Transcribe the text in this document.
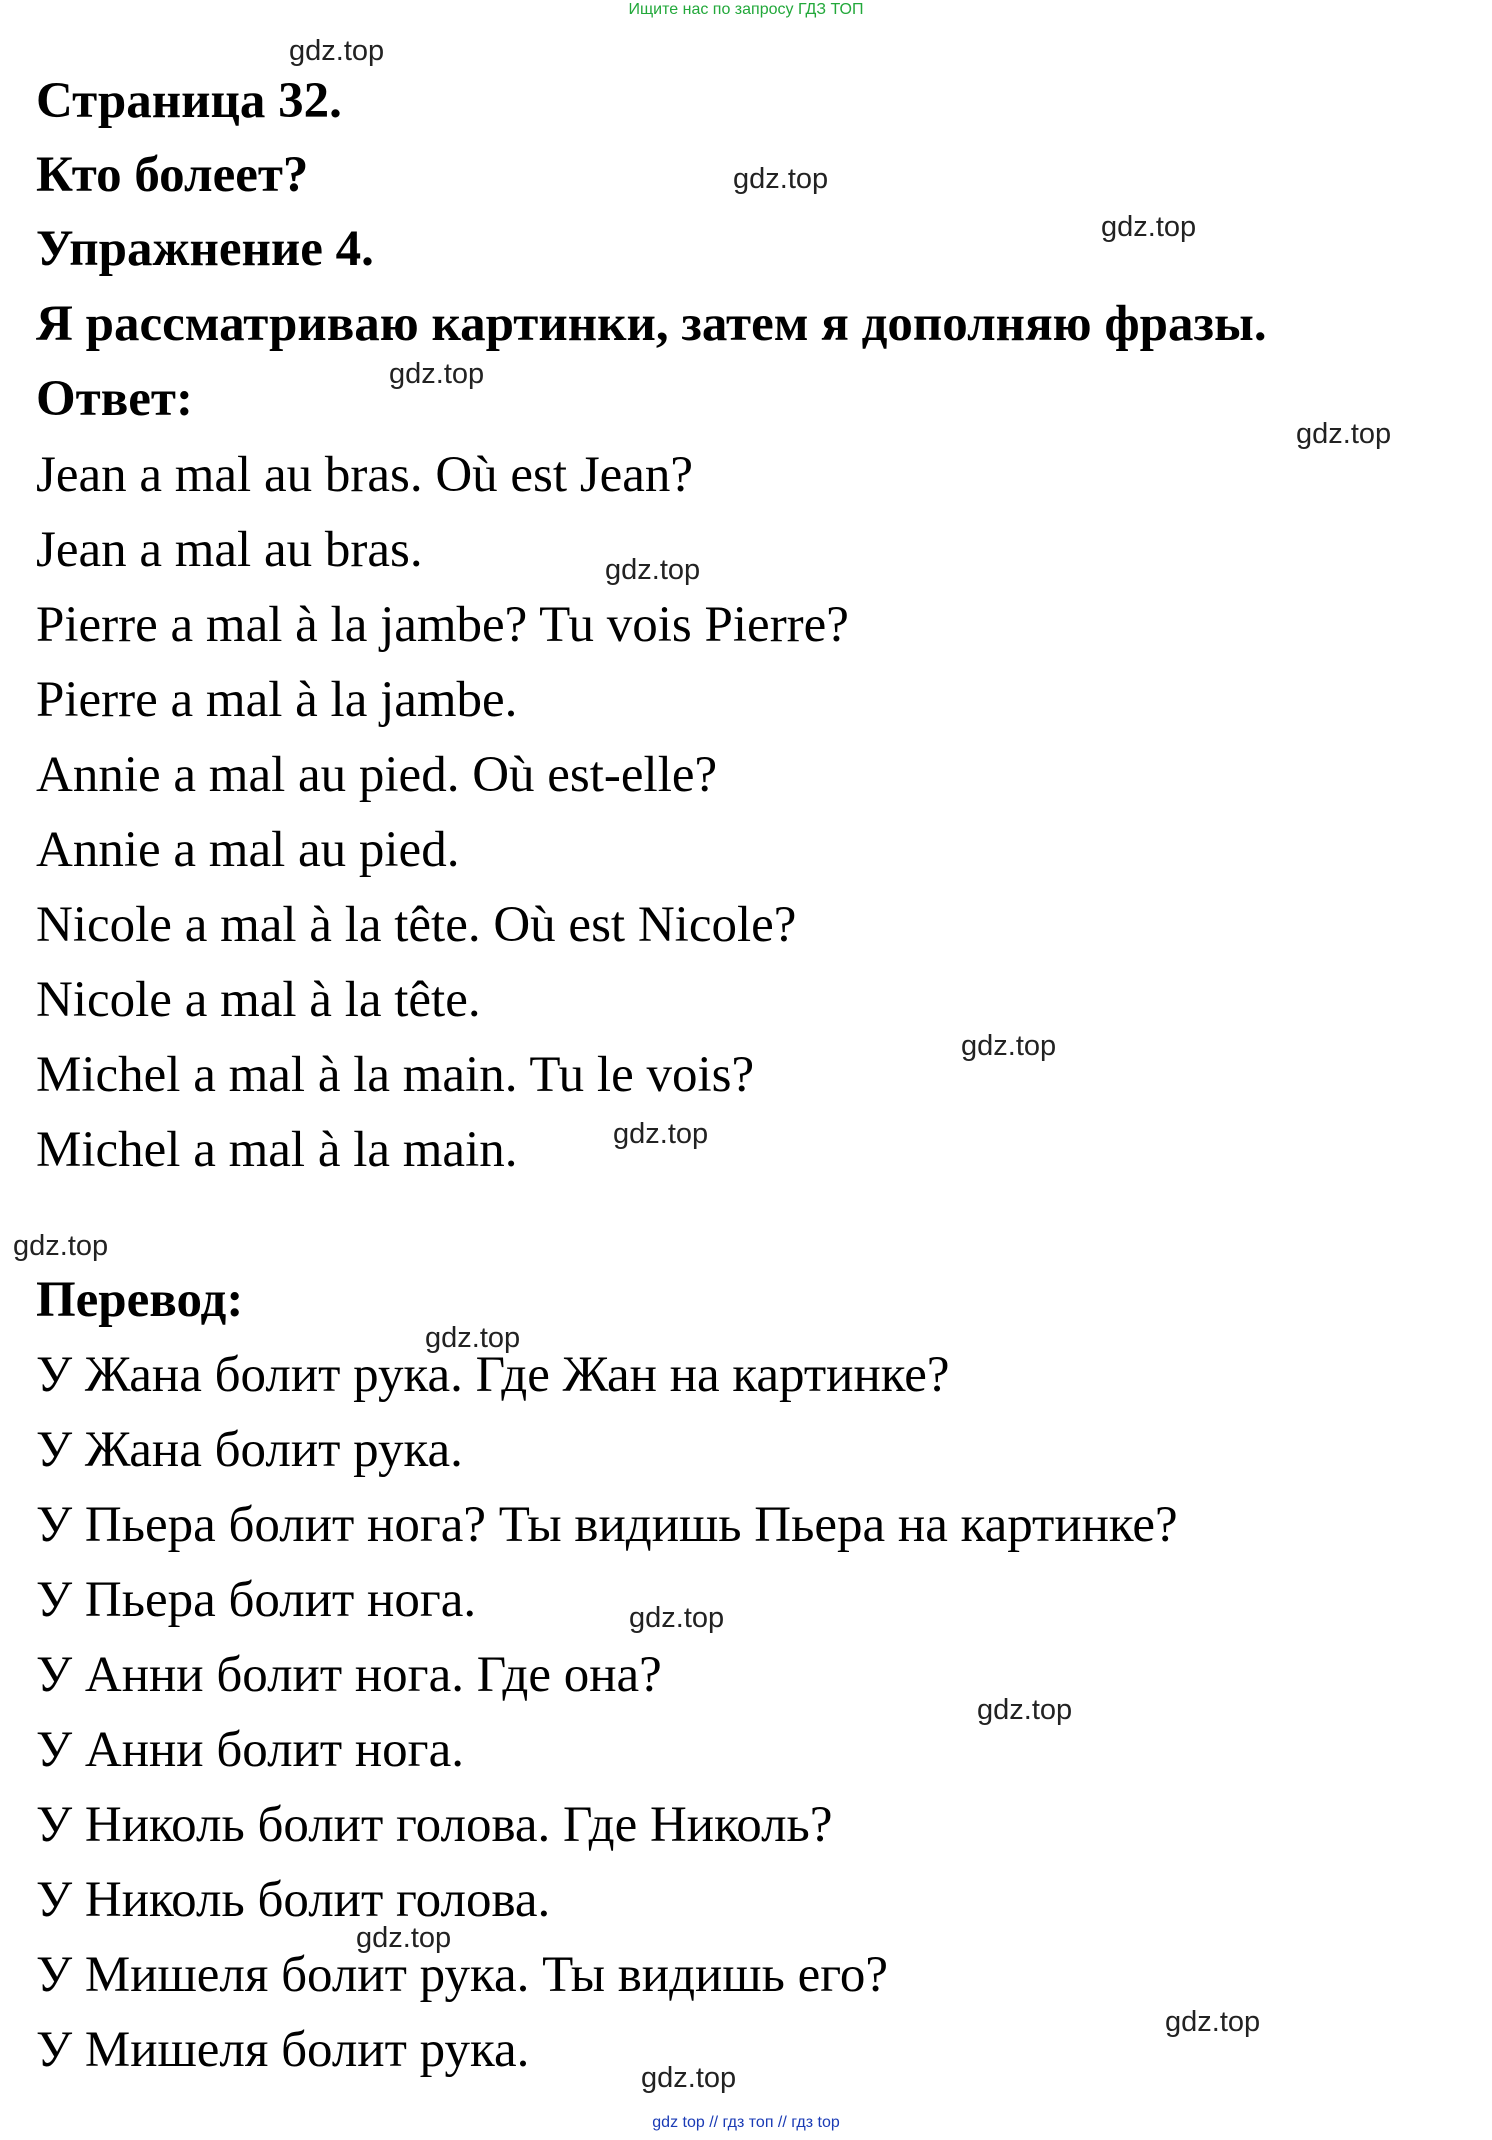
Ищите нас по запросу ГДЗ ТОП
Страница 32.
Кто болеет?
Упражнение 4.
Я рассматриваю картинки, затем я дополняю фразы.
Ответ:
Jean a mal au bras. Où est Jean?
Jean a mal au bras.
Pierre a mal à la jambe? Tu vois Pierre?
Pierre a mal à la jambe.
Annie a mal au pied. Où est-elle?
Annie a mal au pied.
Nicole a mal à la tête. Où est Nicole?
Nicole a mal à la tête.
Michel a mal à la main. Tu le vois?
Michel a mal à la main.
Перевод:
У Жана болит рука. Где Жан на картинке?
У Жана болит рука.
У Пьера болит нога? Ты видишь Пьера на картинке?
У Пьера болит нога.
У Анни болит нога. Где она?
У Анни болит нога.
У Николь болит голова. Где Николь?
У Николь болит голова.
У Мишеля болит рука. Ты видишь его?
У Мишеля болит рука.
gdz.top
gdz.top
gdz.top
gdz.top
gdz.top
gdz.top
gdz.top
gdz.top
gdz.top
gdz.top
gdz.top
gdz.top
gdz.top
gdz.top
gdz.top
gdz top // гдз топ // гдз top
